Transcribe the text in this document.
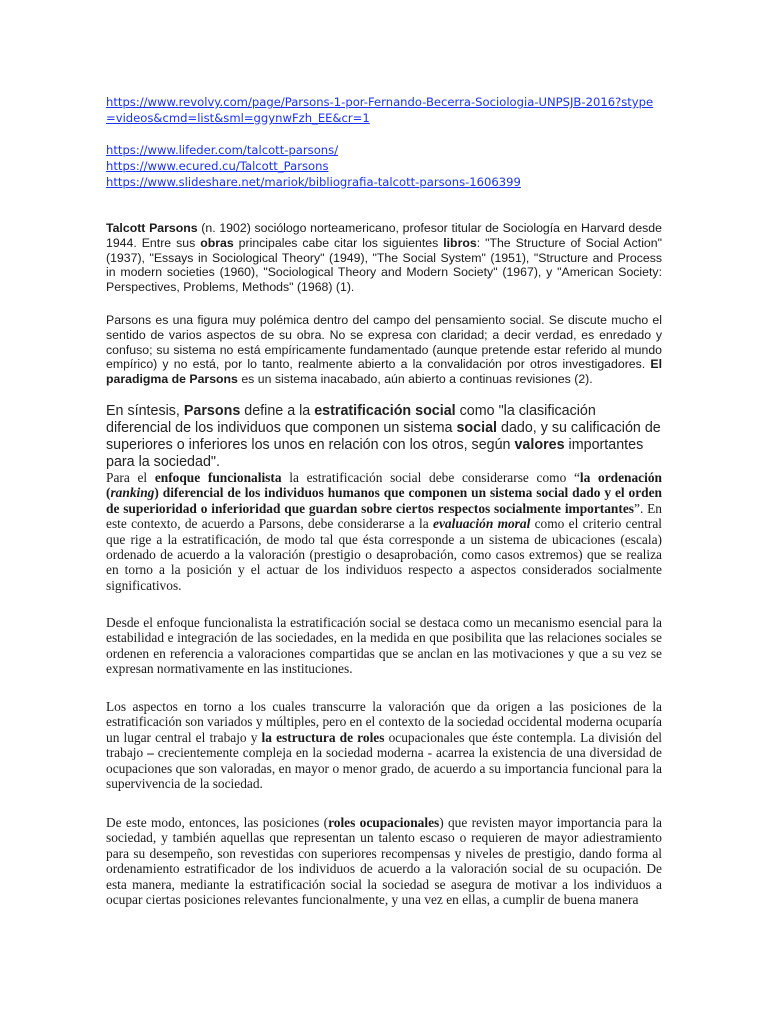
https://www.revolvy.com/page/Parsons-1-por-Fernando-Becerra-Sociologia-UNPSJB-2016?stype=videos&cmd=list&sml=ggynwFzh_EE&cr=1
https://www.lifeder.com/talcott-parsons/
https://www.ecured.cu/Talcott_Parsons
https://www.slideshare.net/mariok/bibliografia-talcott-parsons-1606399

Talcott Parsons (n. 1902) sociólogo norteamericano, profesor titular de Sociología en Harvard desde 1944. Entre sus obras principales cabe citar los siguientes libros: "The Structure of Social Action" (1937), "Essays in Sociological Theory" (1949), "The Social System" (1951), "Structure and Process in modern societies (1960), "Sociological Theory and Modern Society" (1967), y "American Society: Perspectives, Problems, Methods" (1968) (1).

Parsons es una figura muy polémica dentro del campo del pensamiento social. Se discute mucho el sentido de varios aspectos de su obra. No se expresa con claridad; a decir verdad, es enredado y confuso; su sistema no está empíricamente fundamentado (aunque pretende estar referido al mundo empírico) y no está, por lo tanto, realmente abierto a la convalidación por otros investigadores. El paradigma de Parsons es un sistema inacabado, aún abierto a continuas revisiones (2).

En síntesis, Parsons define a la estratificación social como "la clasificación diferencial de los individuos que componen un sistema social dado, y su calificación de superiores o inferiores los unos en relación con los otros, según valores importantes para la sociedad".

Para el enfoque funcionalista la estratificación social debe considerarse como “la ordenación (ranking) diferencial de los individuos humanos que componen un sistema social dado y el orden de superioridad o inferioridad que guardan sobre ciertos respectos socialmente importantes”. En este contexto, de acuerdo a Parsons, debe considerarse a la evaluación moral como el criterio central que rige a la estratificación, de modo tal que ésta corresponde a un sistema de ubicaciones (escala) ordenado de acuerdo a la valoración (prestigio o desaprobación, como casos extremos) que se realiza en torno a la posición y el actuar de los individuos respecto a aspectos considerados socialmente significativos.

Desde el enfoque funcionalista la estratificación social se destaca como un mecanismo esencial para la estabilidad e integración de las sociedades, en la medida en que posibilita que las relaciones sociales se ordenen en referencia a valoraciones compartidas que se anclan en las motivaciones y que a su vez se expresan normativamente en las instituciones.

Los aspectos en torno a los cuales transcurre la valoración que da origen a las posiciones de la estratificación son variados y múltiples, pero en el contexto de la sociedad occidental moderna ocuparía un lugar central el trabajo y la estructura de roles ocupacionales que éste contempla. La división del trabajo – crecientemente compleja en la sociedad moderna - acarrea la existencia de una diversidad de ocupaciones que son valoradas, en mayor o menor grado, de acuerdo a su importancia funcional para la supervivencia de la sociedad.

De este modo, entonces, las posiciones (roles ocupacionales) que revisten mayor importancia para la sociedad, y también aquellas que representan un talento escaso o requieren de mayor adiestramiento para su desempeño, son revestidas con superiores recompensas y niveles de prestigio, dando forma al ordenamiento estratificador de los individuos de acuerdo a la valoración social de su ocupación. De esta manera, mediante la estratificación social la sociedad se asegura de motivar a los individuos a ocupar ciertas posiciones relevantes funcionalmente, y una vez en ellas, a cumplir de buena manera
